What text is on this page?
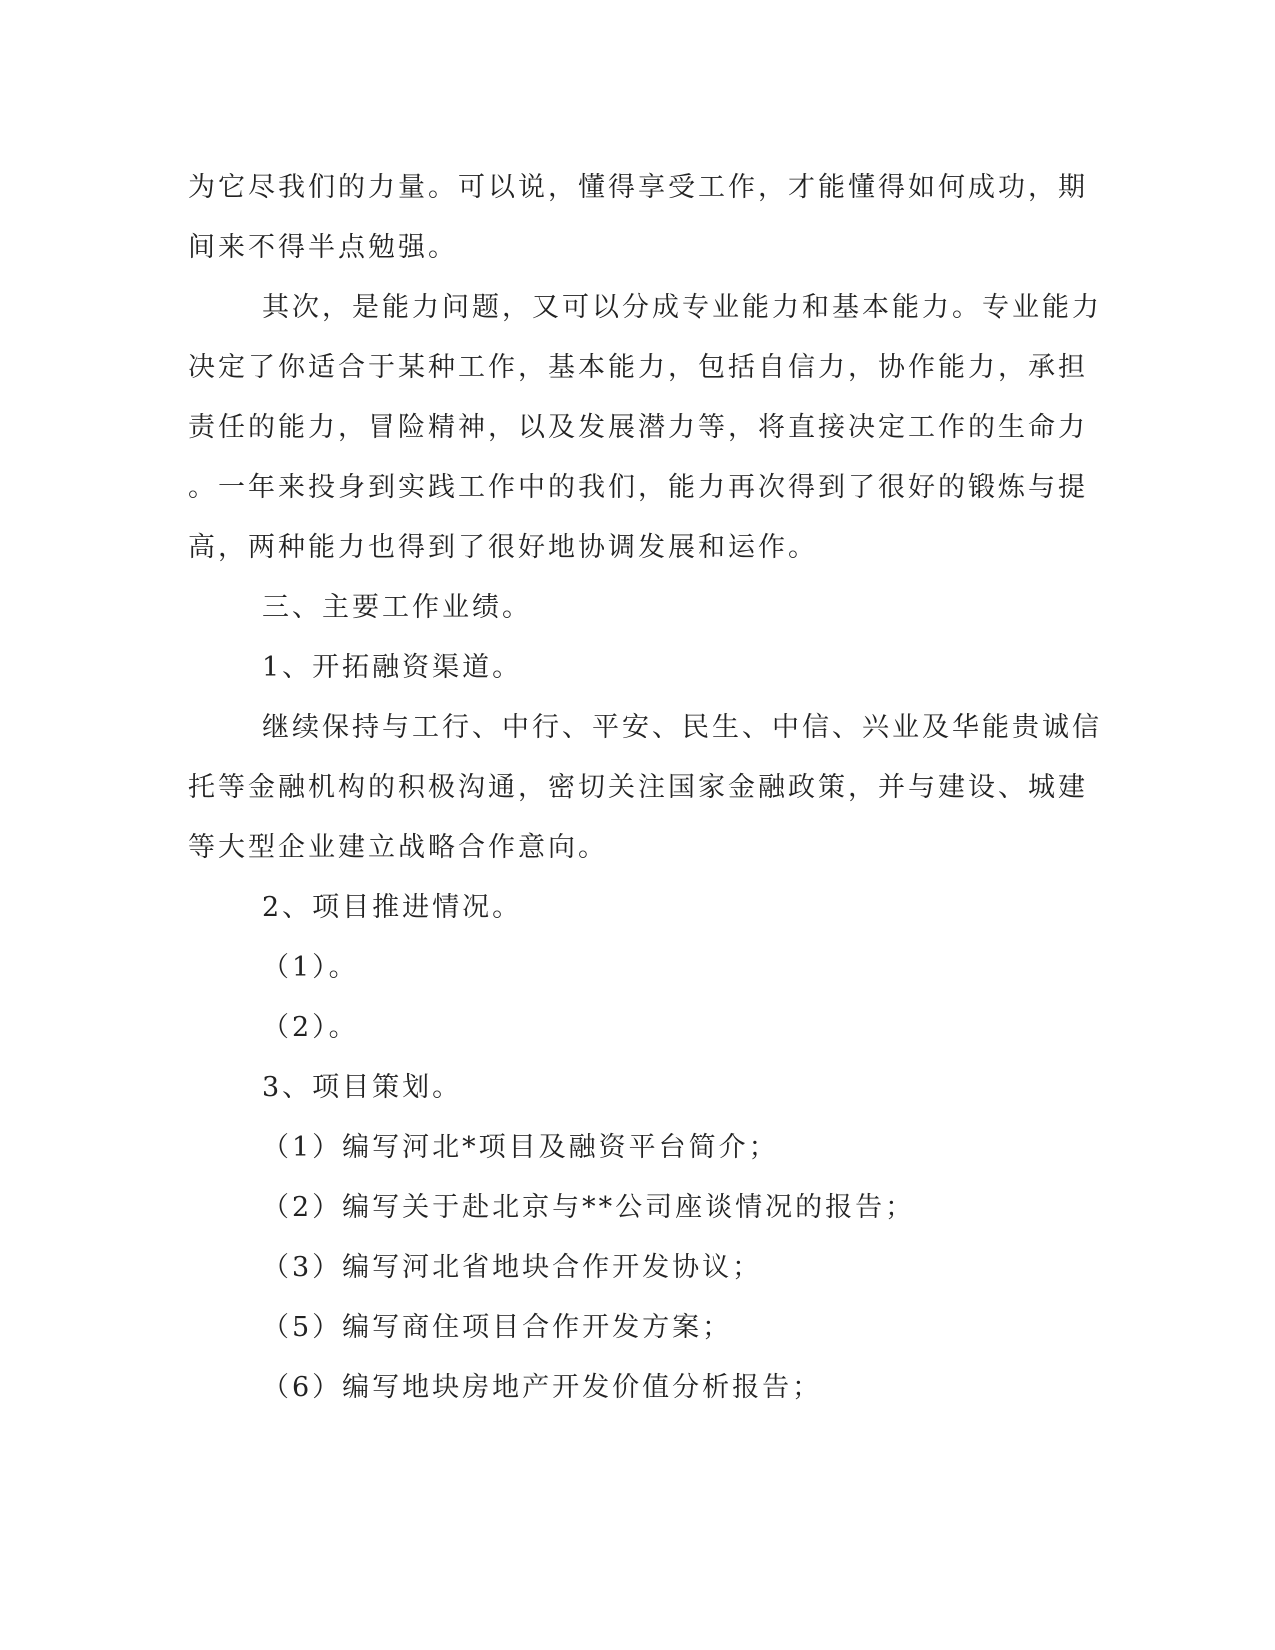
为它尽我们的力量。可以说，懂得享受工作，才能懂得如何成功，期

间来不得半点勉强。

其次，是能力问题，又可以分成专业能力和基本能力。专业能力

决定了你适合于某种工作，基本能力，包括自信力，协作能力，承担

责任的能力，冒险精神，以及发展潜力等，将直接决定工作的生命力

。一年来投身到实践工作中的我们，能力再次得到了很好的锻炼与提

高，两种能力也得到了很好地协调发展和运作。

三、主要工作业绩。

1、开拓融资渠道。

继续保持与工行、中行、平安、民生、中信、兴业及华能贵诚信

托等金融机构的积极沟通，密切关注国家金融政策，并与建设、城建

等大型企业建立战略合作意向。

2、项目推进情况。

（1）。

（2）。

3、项目策划。

（1）编写河北*项目及融资平台简介；

（2）编写关于赴北京与**公司座谈情况的报告；

（3）编写河北省地块合作开发协议；

（5）编写商住项目合作开发方案；

（6）编写地块房地产开发价值分析报告；
